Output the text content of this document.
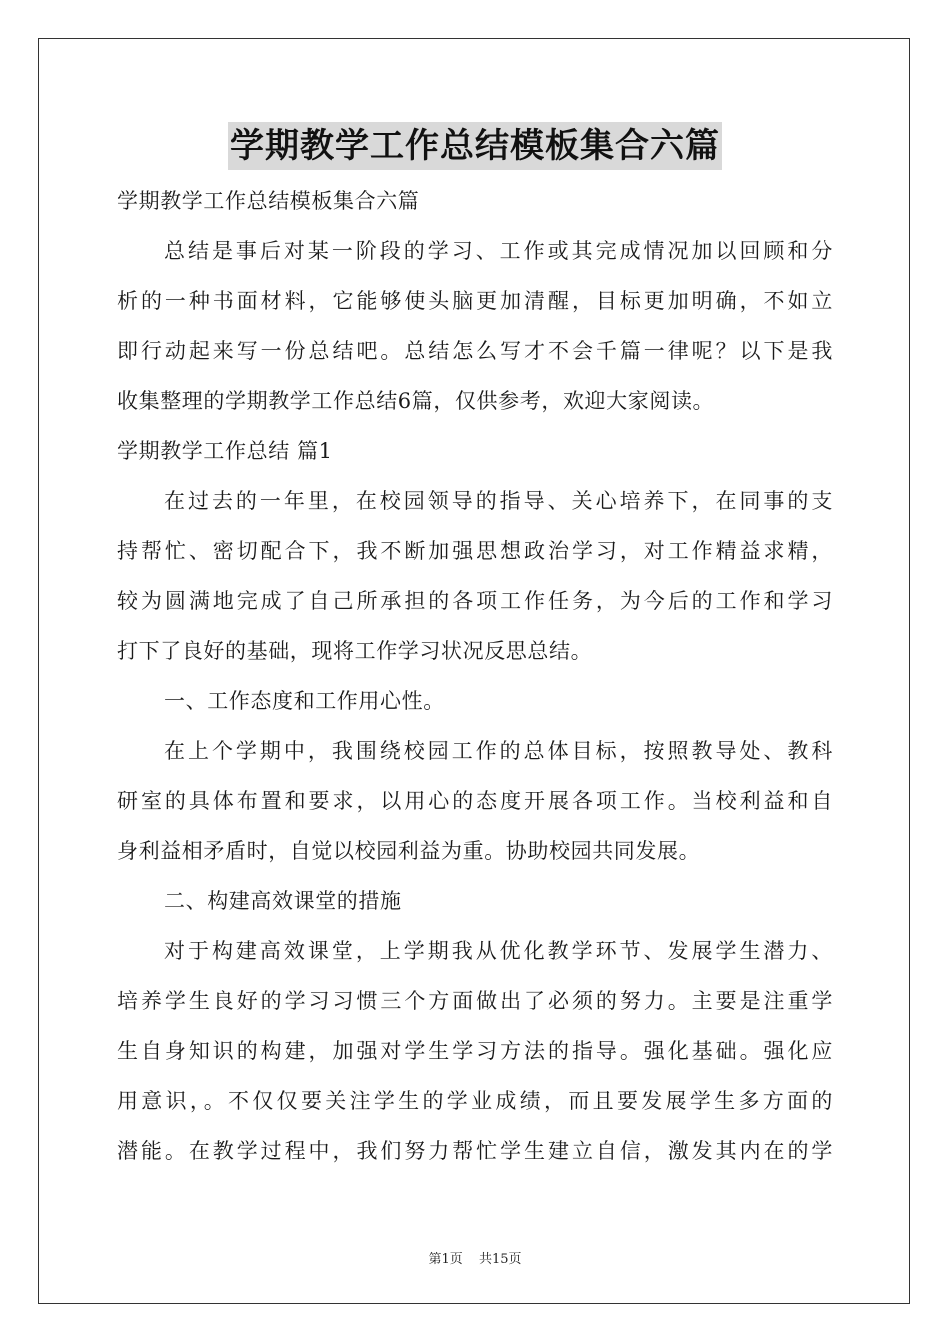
学期教学工作总结模板集合六篇
学期教学工作总结模板集合六篇
总结是事后对某一阶段的学习、工作或其完成情况加以回顾和分
析的一种书面材料，它能够使头脑更加清醒，目标更加明确，不如立
即行动起来写一份总结吧。总结怎么写才不会千篇一律呢？以下是我
收集整理的学期教学工作总结6篇，仅供参考，欢迎大家阅读。
学期教学工作总结 篇1
在过去的一年里，在校园领导的指导、关心培养下，在同事的支
持帮忙、密切配合下，我不断加强思想政治学习，对工作精益求精，
较为圆满地完成了自己所承担的各项工作任务，为今后的工作和学习
打下了良好的基础，现将工作学习状况反思总结。
一、工作态度和工作用心性。
在上个学期中，我围绕校园工作的总体目标，按照教导处、教科
研室的具体布置和要求，以用心的态度开展各项工作。当校利益和自
身利益相矛盾时，自觉以校园利益为重。协助校园共同发展。
二、构建高效课堂的措施
对于构建高效课堂，上学期我从优化教学环节、发展学生潜力、
培养学生良好的学习习惯三个方面做出了必须的努力。主要是注重学
生自身知识的构建，加强对学生学习方法的指导。强化基础。强化应
用意识，。不仅仅要关注学生的学业成绩，而且要发展学生多方面的
潜能。在教学过程中，我们努力帮忙学生建立自信，激发其内在的学
第1页 共15页
